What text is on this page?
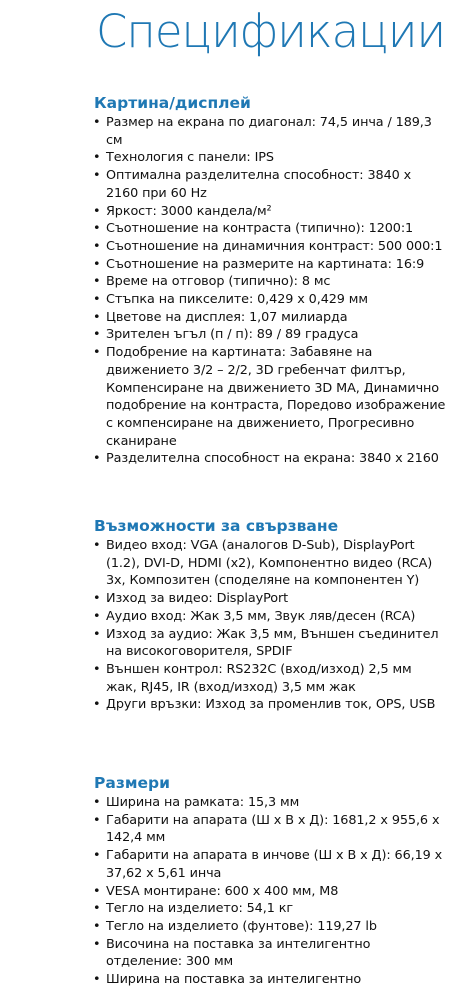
Спецификации
Картина/дисплей
• Размер на екрана по диагонал: 74,5 инча / 189,3 см
• Технология с панели: IPS
• Оптимална разделителна способност: 3840 x 2160 при 60 Hz
• Яркост: 3000 кандела/м²
• Съотношение на контраста (типично): 1200:1
• Съотношение на динамичния контраст: 500 000:1
• Съотношение на размерите на картината: 16:9
• Време на отговор (типично): 8 мс
• Стъпка на пикселите: 0,429 x 0,429 мм
• Цветове на дисплея: 1,07 милиарда
• Зрителен ъгъл (п / п): 89 / 89 градуса
• Подобрение на картината: Забавяне на движението 3/2 – 2/2, 3D гребенчат филтър, Компенсиране на движението 3D MA, Динамично подобрение на контраста, Поредово изображение с компенсиране на движението, Прогресивно сканиране
• Разделителна способност на екрана: 3840 x 2160
Възможности за свързване
• Видео вход: VGA (аналогов D-Sub), DisplayPort (1.2), DVI-D, HDMI (x2), Компонентно видео (RCA) 3x, Композитен (споделяне на компонентен Y)
• Изход за видео: DisplayPort
• Аудио вход: Жак 3,5 мм, Звук ляв/десен (RCA)
• Изход за аудио: Жак 3,5 мм, Външен съединител на високоговорителя, SPDIF
• Външен контрол: RS232C (вход/изход) 2,5 мм жак, RJ45, IR (вход/изход) 3,5 мм жак
• Други връзки: Изход за променлив ток, OPS, USB
Размери
• Ширина на рамката: 15,3 мм
• Габарити на апарата (Ш x В x Д): 1681,2 x 955,6 x 142,4 мм
• Габарити на апарата в инчове (Ш x В x Д): 66,19 x 37,62 x 5,61 инча
• VESA монтиране: 600 x 400 мм, M8
• Тегло на изделието: 54,1 кг
• Тегло на изделието (фунтове): 119,27 lb
• Височина на поставка за интелигентно отделение: 300 мм
• Ширина на поставка за интелигентно
